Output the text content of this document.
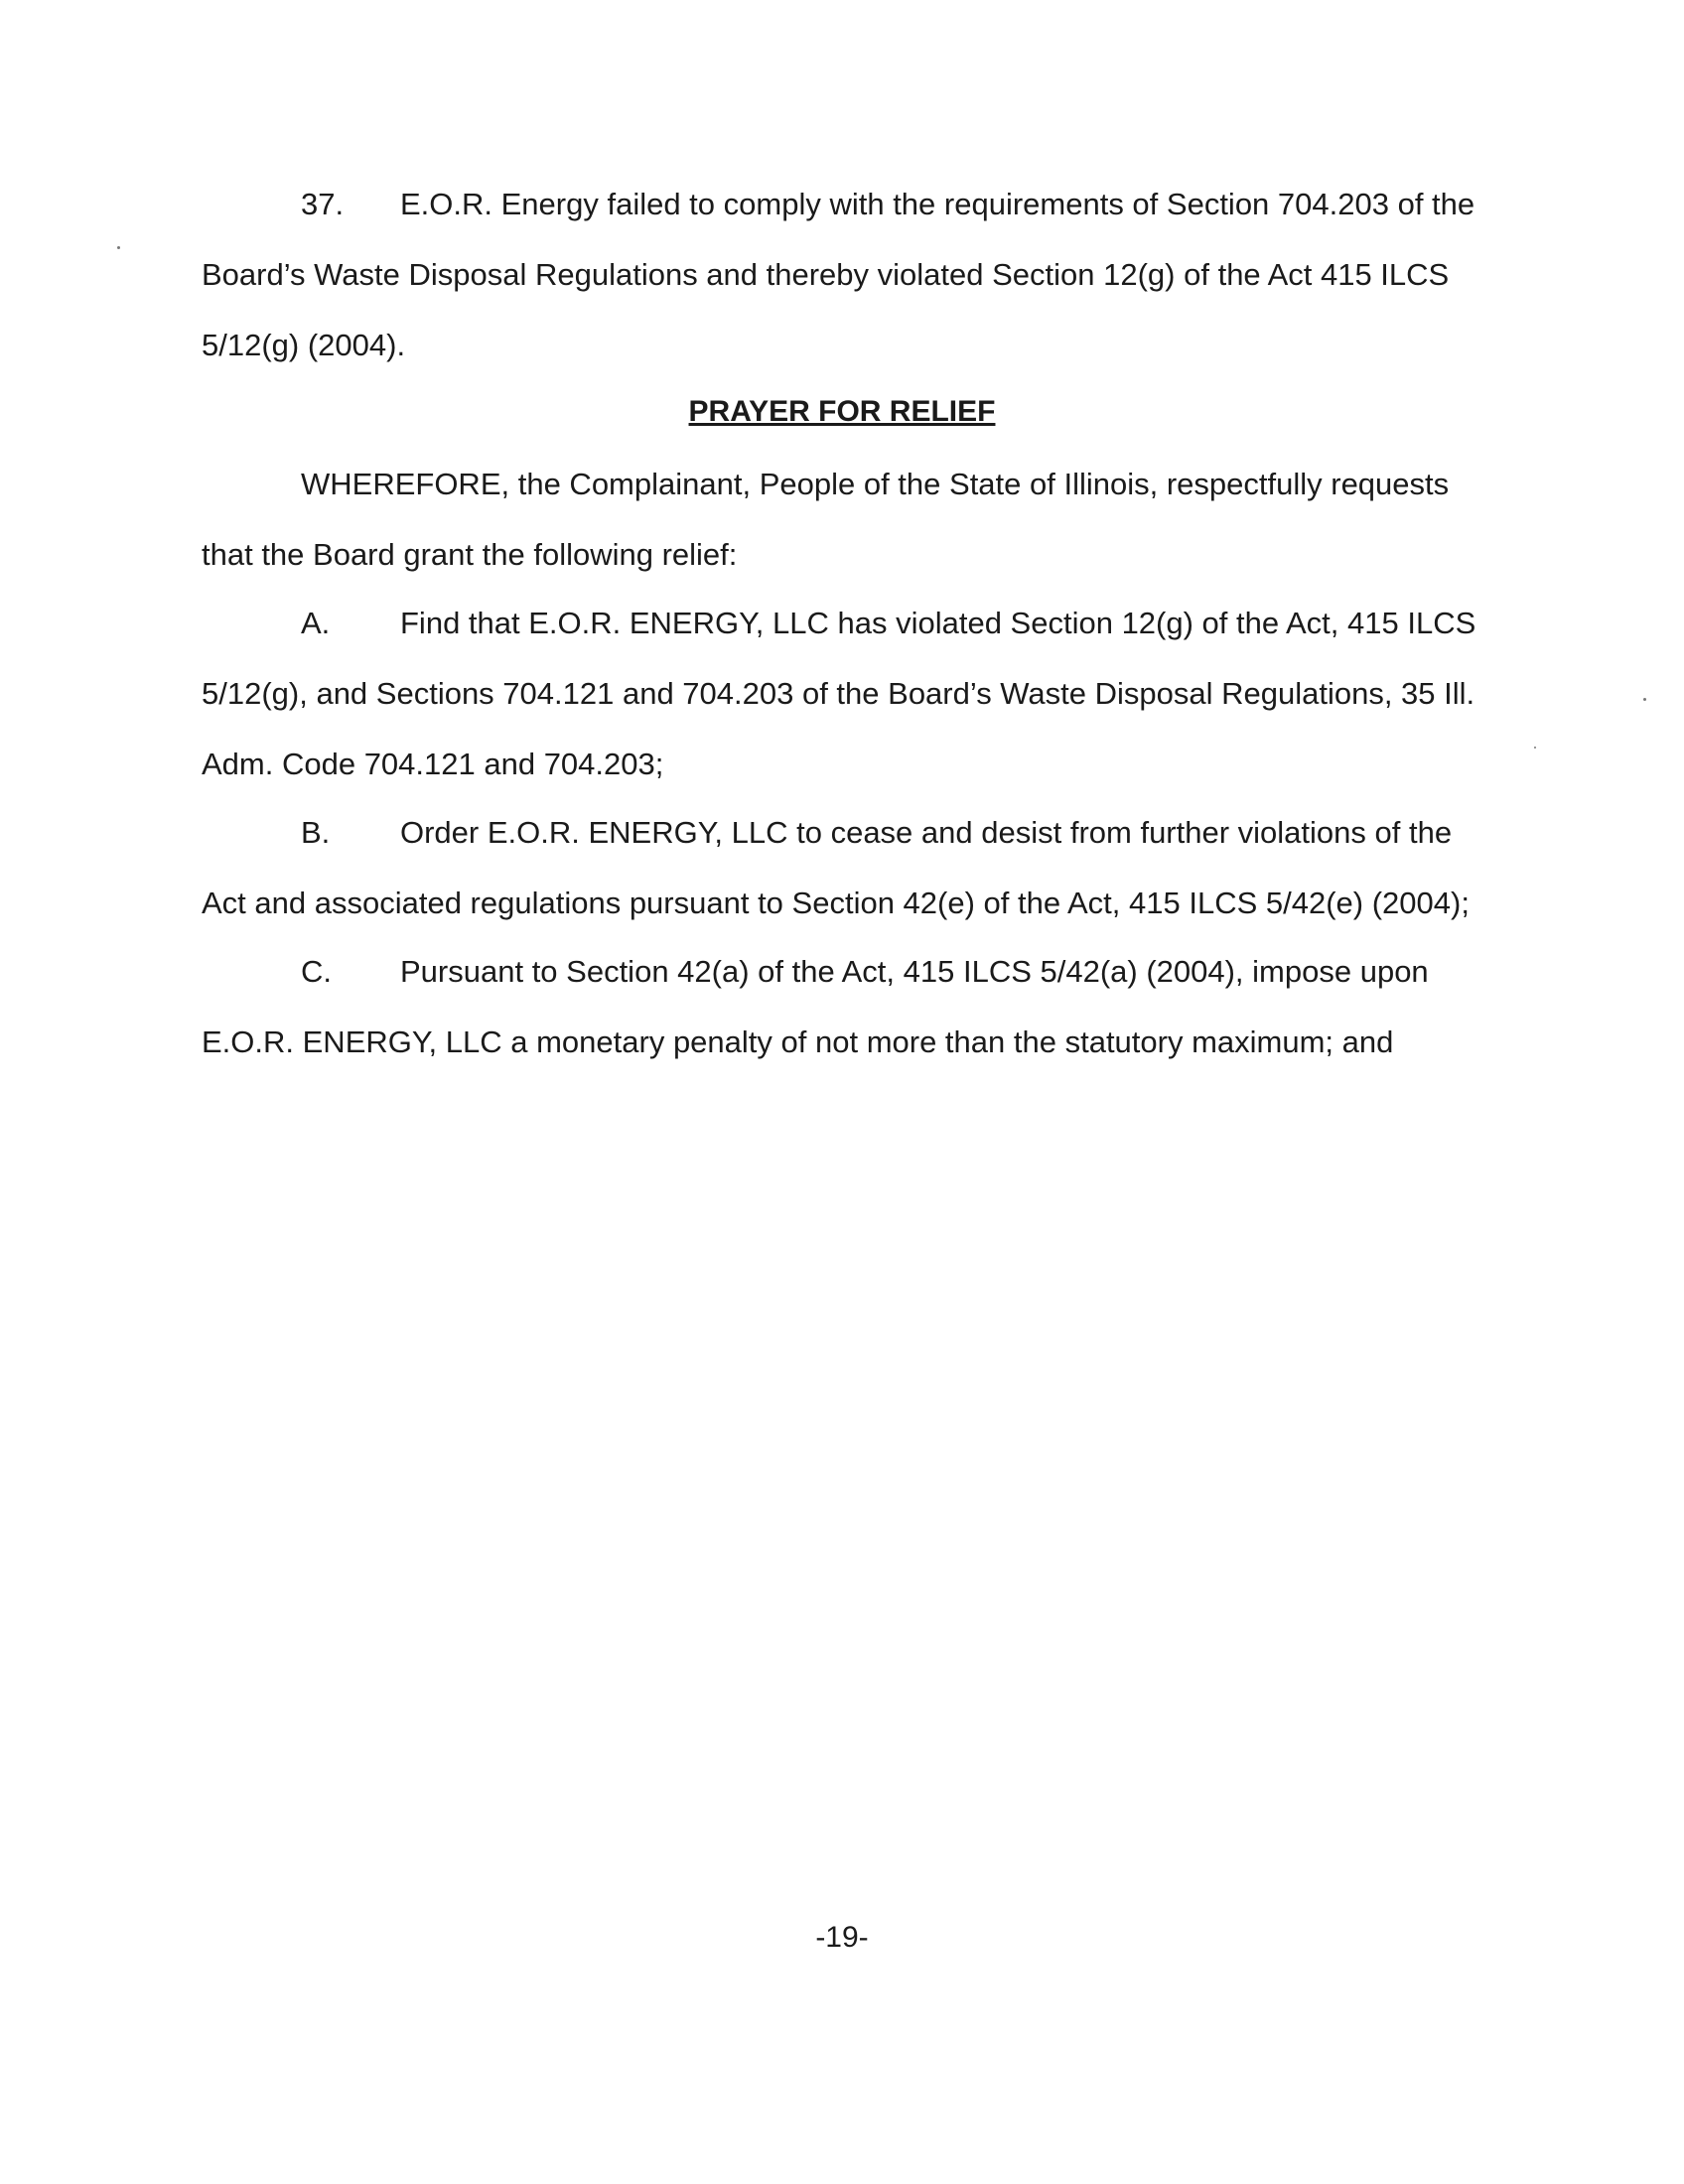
37. E.O.R. Energy failed to comply with the requirements of Section 704.203 of the Board’s Waste Disposal Regulations and thereby violated Section 12(g) of the Act 415 ILCS 5/12(g) (2004).

PRAYER FOR RELIEF

WHEREFORE, the Complainant, People of the State of Illinois, respectfully requests that the Board grant the following relief:

A. Find that E.O.R. ENERGY, LLC has violated Section 12(g) of the Act, 415 ILCS 5/12(g), and Sections 704.121 and 704.203 of the Board’s Waste Disposal Regulations, 35 Ill. Adm. Code 704.121 and 704.203;

B. Order E.O.R. ENERGY, LLC to cease and desist from further violations of the Act and associated regulations pursuant to Section 42(e) of the Act, 415 ILCS 5/42(e) (2004);

C. Pursuant to Section 42(a) of the Act, 415 ILCS 5/42(a) (2004), impose upon E.O.R. ENERGY, LLC a monetary penalty of not more than the statutory maximum; and

-19-
